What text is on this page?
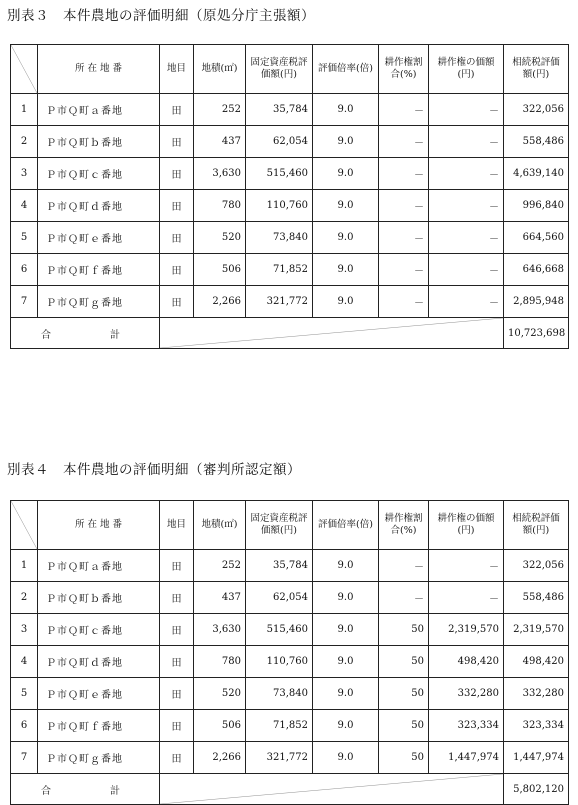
別表３　本件農地の評価明細（原処分庁主張額）

所 在 地 番	地目	地積(㎡)	固定資産税評価額(円)	評価倍率(倍)	耕作権割合(%)	耕作権の価額(円)	相続税評価額(円)

1	Ｐ市Ｑ町ａ番地	田	252	35,784	9.0	－	－	322,056
2	Ｐ市Ｑ町ｂ番地	田	437	62,054	9.0	－	－	558,486
3	Ｐ市Ｑ町ｃ番地	田	3,630	515,460	9.0	－	－	4,639,140
4	Ｐ市Ｑ町ｄ番地	田	780	110,760	9.0	－	－	996,840
5	Ｐ市Ｑ町ｅ番地	田	520	73,840	9.0	－	－	664,560
6	Ｐ市Ｑ町ｆ番地	田	506	71,852	9.0	－	－	646,668
7	Ｐ市Ｑ町ｇ番地	田	2,266	321,772	9.0	－	－	2,895,948
合 計								10,723,698
別表４　本件農地の評価明細（審判所認定額）

所 在 地 番	地目	地積(㎡)	固定資産税評価額(円)	評価倍率(倍)	耕作権割合(%)	耕作権の価額(円)	相続税評価額(円)

1	Ｐ市Ｑ町ａ番地	田	252	35,784	9.0	－	－	322,056
2	Ｐ市Ｑ町ｂ番地	田	437	62,054	9.0	－	－	558,486
3	Ｐ市Ｑ町ｃ番地	田	3,630	515,460	9.0	50	2,319,570	2,319,570
4	Ｐ市Ｑ町ｄ番地	田	780	110,760	9.0	50	498,420	498,420
5	Ｐ市Ｑ町ｅ番地	田	520	73,840	9.0	50	332,280	332,280
6	Ｐ市Ｑ町ｆ番地	田	506	71,852	9.0	50	323,334	323,334
7	Ｐ市Ｑ町ｇ番地	田	2,266	321,772	9.0	50	1,447,974	1,447,974
合 計								5,802,120
